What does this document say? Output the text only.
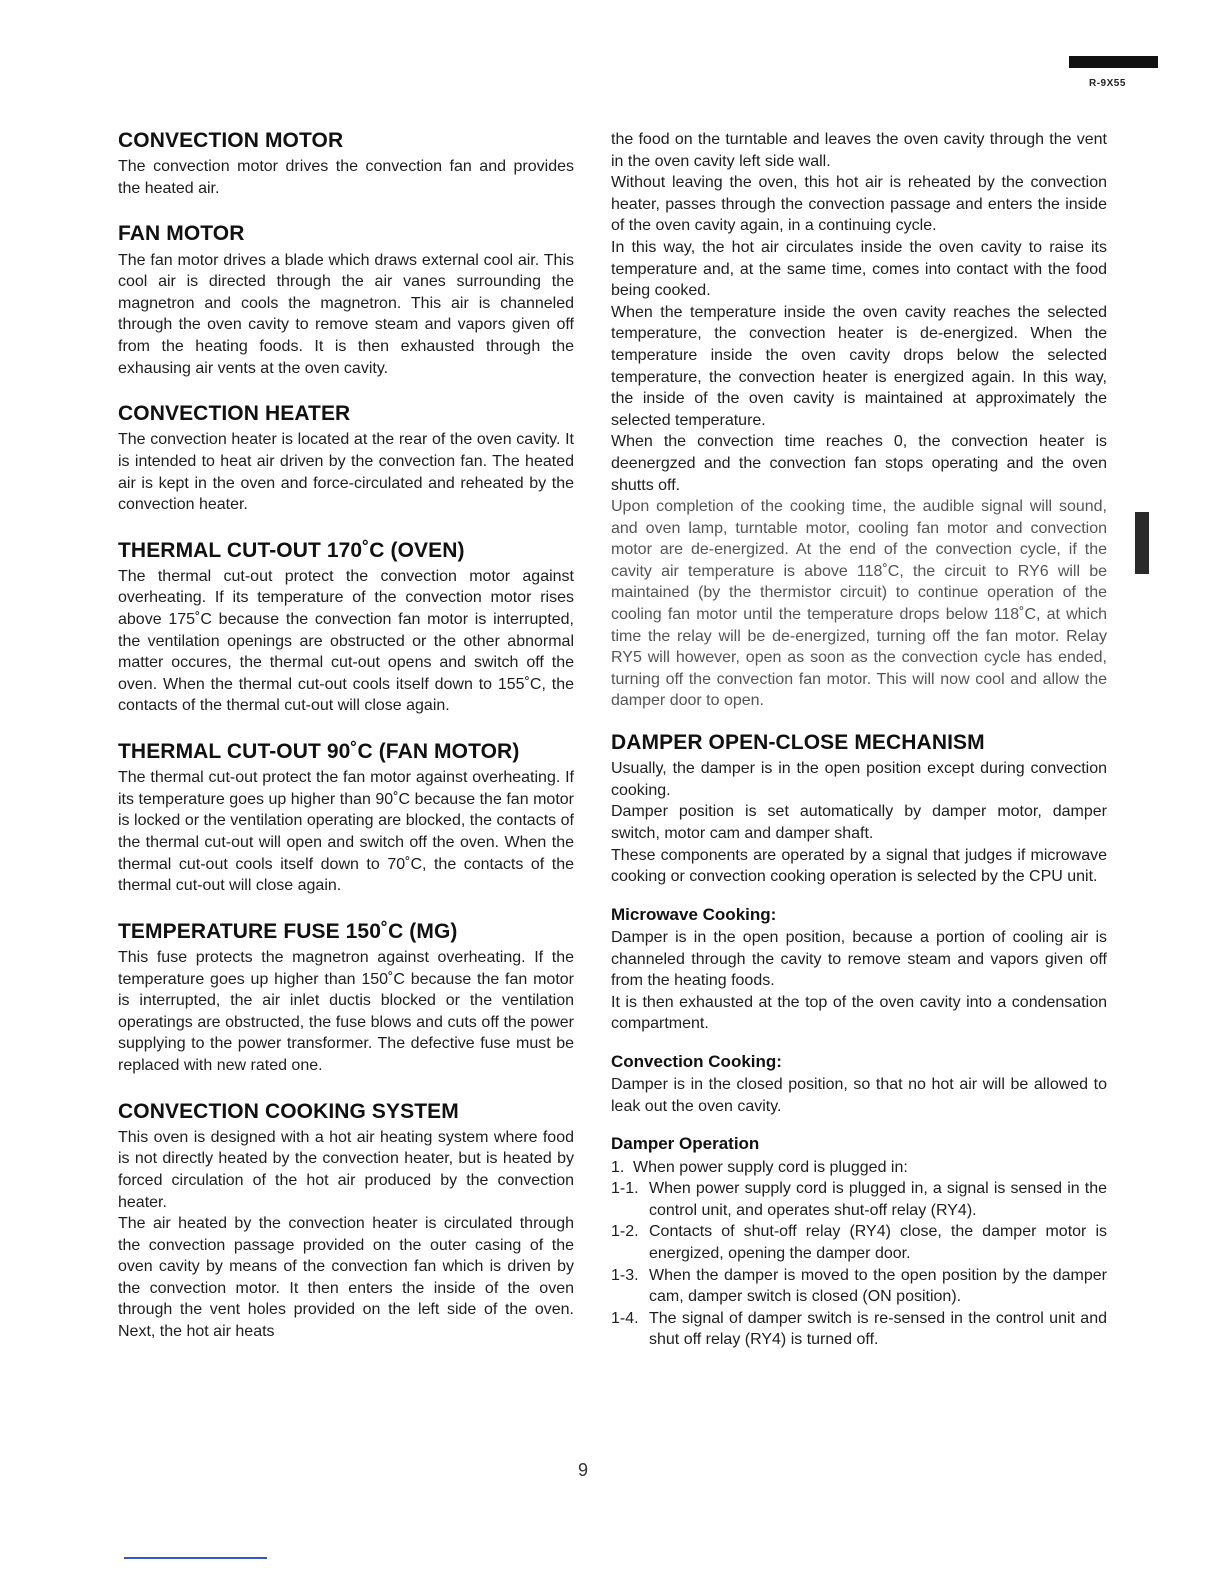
R-9X55
CONVECTION MOTOR

The convection motor drives the convection fan and provides the heated air.

FAN MOTOR

The fan motor drives a blade which draws external cool air. This cool air is directed through the air vanes surrounding the magnetron and cools the magnetron. This air is channeled through the oven cavity to remove steam and vapors given off from the heating foods. It is then exhausted through the exhausing air vents at the oven cavity.

CONVECTION HEATER

The convection heater is located at the rear of the oven cavity. It is intended to heat air driven by the convection fan. The heated air is kept in the oven and force-circulated and reheated by the convection heater.

THERMAL CUT-OUT 170˚C (OVEN)

The thermal cut-out protect the convection motor against overheating. If its temperature of the convection motor rises above 175˚C because the convection fan motor is interrupted, the ventilation openings are obstructed or the other abnormal matter occures, the thermal cut-out opens and switch off the oven. When the thermal cut-out cools itself down to 155˚C, the contacts of the thermal cut-out will close again.

THERMAL CUT-OUT 90˚C (FAN MOTOR)

The thermal cut-out protect the fan motor against overheating. If its temperature goes up higher than 90˚C because the fan motor is locked or the ventilation operating are blocked, the contacts of the thermal cut-out will open and switch off the oven. When the thermal cut-out cools itself down to 70˚C, the contacts of the thermal cut-out will close again.

TEMPERATURE FUSE 150˚C (MG)

This fuse protects the magnetron against overheating. If the temperature goes up higher than 150˚C because the fan motor is interrupted, the air inlet ductis blocked or the ventilation operatings are obstructed, the fuse blows and cuts off the power supplying to the power transformer. The defective fuse must be replaced with new rated one.

CONVECTION COOKING SYSTEM

This oven is designed with a hot air heating system where food is not directly heated by the convection heater, but is heated by forced circulation of the hot air produced by the convection heater.

The air heated by the convection heater is circulated through the convection passage provided on the outer casing of the oven cavity by means of the convection fan which is driven by the convection motor. It then enters the inside of the oven through the vent holes provided on the left side of the oven. Next, the hot air heats

the food on the turntable and leaves the oven cavity through the vent in the oven cavity left side wall.

Without leaving the oven, this hot air is reheated by the convection heater, passes through the convection passage and enters the inside of the oven cavity again, in a continuing cycle.

In this way, the hot air circulates inside the oven cavity to raise its temperature and, at the same time, comes into contact with the food being cooked.

When the temperature inside the oven cavity reaches the selected temperature, the convection heater is de-energized. When the temperature inside the oven cavity drops below the selected temperature, the convection heater is energized again. In this way, the inside of the oven cavity is maintained at approximately the selected temperature.

When the convection time reaches 0, the convection heater is deenergzed and the convection fan stops operating and the oven shutts off.

Upon completion of the cooking time, the audible signal will sound, and oven lamp, turntable motor, cooling fan motor and convection motor are de-energized. At the end of the convection cycle, if the cavity air temperature is above 118˚C, the circuit to RY6 will be maintained (by the thermistor circuit) to continue operation of the cooling fan motor until the temperature drops below 118˚C, at which time the relay will be de-energized, turning off the fan motor. Relay RY5 will however, open as soon as the convection cycle has ended, turning off the convection fan motor. This will now cool and allow the damper door to open.

DAMPER OPEN-CLOSE MECHANISM

Usually, the damper is in the open position except during convection cooking.

Damper position is set automatically by damper motor, damper switch, motor cam and damper shaft.

These components are operated by a signal that judges if microwave cooking or convection cooking operation is selected by the CPU unit.

Microwave Cooking:

Damper is in the open position, because a portion of cooling air is channeled through the cavity to remove steam and vapors given off from the heating foods.

It is then exhausted at the top of the oven cavity into a condensation compartment.

Convection Cooking:

Damper is in the closed position, so that no hot air will be allowed to leak out the oven cavity.

Damper Operation
1. When power supply cord is plugged in:
1-1. When power supply cord is plugged in, a signal is sensed in the control unit, and operates shut-off relay (RY4).
1-2. Contacts of shut-off relay (RY4) close, the damper motor is energized, opening the damper door.
1-3. When the damper is moved to the open position by the damper cam, damper switch is closed (ON position).
1-4. The signal of damper switch is re-sensed in the control unit and shut off relay (RY4) is turned off.
9
